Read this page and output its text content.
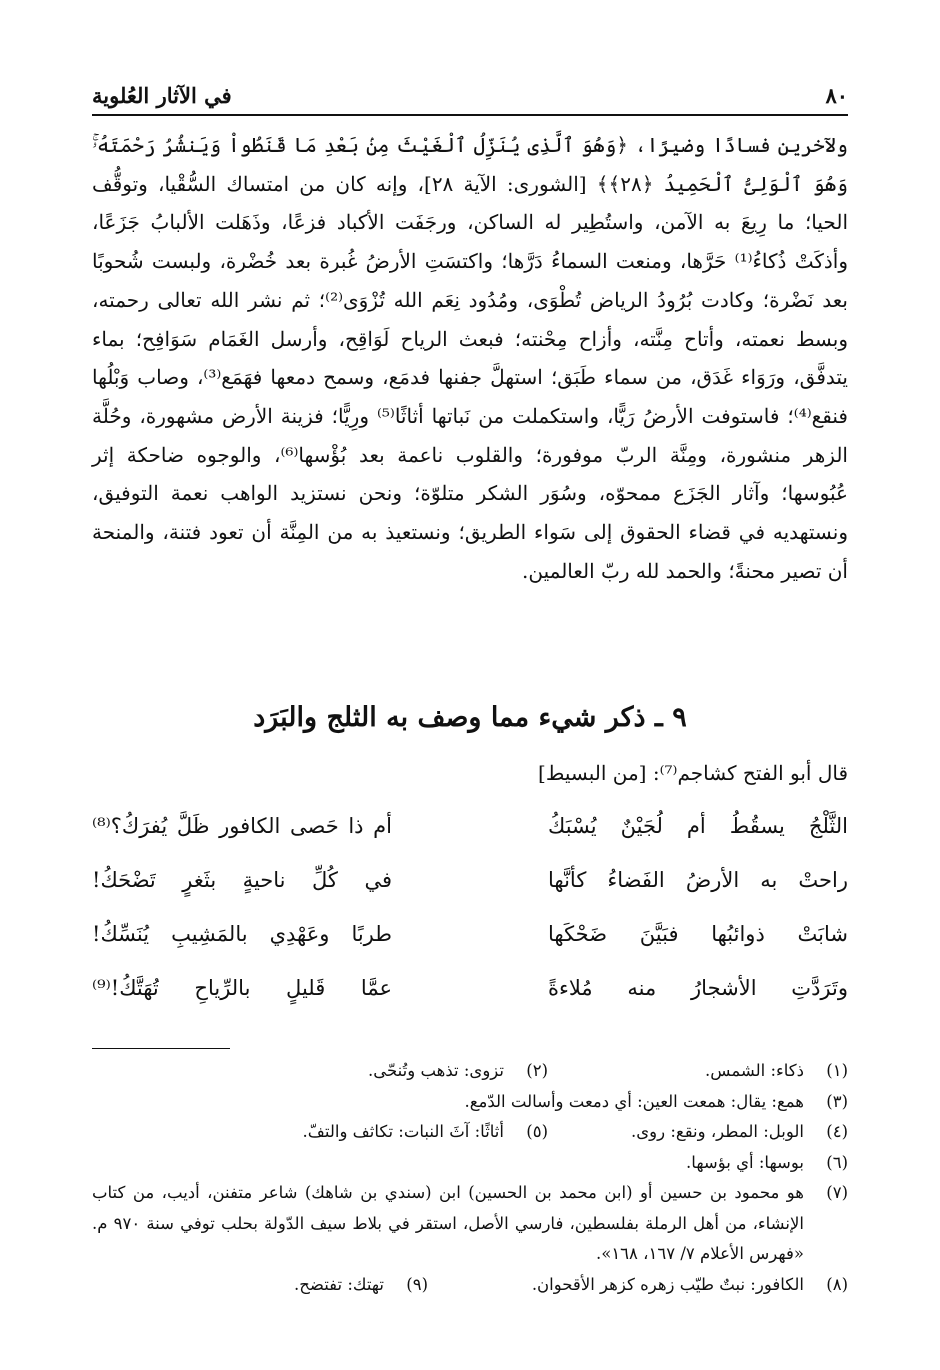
٨٠
في الآثار العُلوية

ولآخرين فسادًا وضيرًا، ﴿وَهُوَ ٱلَّذِى يُنَزِّلُ ٱلْغَيْثَ مِنۢ بَعْدِ مَا قَنَطُواْ وَيَنشُرُ رَحْمَتَهُۥۚ وَهُوَ ٱلْوَلِىُّ ٱلْحَمِيدُ ﴿٢٨﴾﴾ [الشورى: الآية ٢٨]، وإنه كان من امتساك السُّقْيا، وتوقُّف الحيا؛ ما رِيعَ به الآمن، واستُطِير له الساكن، ورجَفَت الأكباد فزعًا، وذَهَلت الألبابُ جَزَعًا، وأذكَتْ ذُكاءُ⁽¹⁾ حَرَّها، ومنعت السماءُ دَرَّها؛ واكتسَتِ الأرضُ غُبرة بعد خُضْرة، ولبست شُحوبًا بعد نَضْرة؛ وكادت بُرُودُ الرياض تُطْوَى، ومُدُود نِعَم الله تُزْوَى⁽²⁾؛ ثم نشر الله تعالى رحمته، وبسط نعمته، وأتاح مِنَّته، وأزاح مِحْنته؛ فبعث الرياح لَوَاقِح، وأرسل الغَمَام سَوَافِح؛ بماء يتدفَّق، ورَوَاء غَدَق، من سماء طَبَق؛ استهلَّ جفنها فدمَع، وسمح دمعها فهَمَع⁽³⁾، وصاب وَبْلُها فنقع⁽⁴⁾؛ فاستوفت الأرضُ رَيًّا، واستكملت من نَباتها أثاثًا⁽⁵⁾ ورِيًّا؛ فزينة الأرض مشهورة، وحُلَّة الزهر منشورة، ومِنَّة الربّ موفورة؛ والقلوب ناعمة بعد بُؤْسها⁽⁶⁾، والوجوه ضاحكة إثر عُبُوسها؛ وآثار الجَزَع ممحوّه، وسُوَر الشكر متلوّة؛ ونحن نستزيد الواهب نعمة التوفيق، ونستهديه في قضاء الحقوق إلى سَواء الطريق؛ ونستعيذ به من المِنَّة أن تعود فتنة، والمنحة أن تصير محنةً؛ والحمد لله ربّ العالمين.

٩ ـ ذكر شيء مما وصف به الثلج والبَرَد
قال أبو الفتح كشاجم⁽⁷⁾: [من البسيط]
الثَّلْجُ يسقُطُ أم لُجَيْنٌ يُسْبَكُ
أم ذا حَصى الكافور ظَلَّ يُفرَكُ؟⁽⁸⁾
راحتْ به الأرضُ الفَضاءُ كأنَّها
في كُلِّ ناحيةٍ بثَغرٍ تَضْحَكُ!
شابَتْ ذوائبُها فبَيَّنَ ضَحْكَها
طربًا وعَهْدِي بالمَشِيبِ يُنَسِّكُ!
وتَرَدَّتِ الأشجارُ منه مُلاءةً
عمَّا قَليلٍ بالرِّياحِ تُهَتَّكُ!⁽⁹⁾
(١)
ذكاء: الشمس.
(٢)
تزوى: تذهب وتُنحّى.
(٣)
همع: يقال: همعت العين: أي دمعت وأسالت الدّمع.
(٤)
الوبل: المطر، ونقع: روى.
(٥)
أثاثًا: آثَ النبات: تكاثف والتفّ.
(٦)
بوسها: أي بؤسها.
(٧)
هو محمود بن حسين أو (ابن محمد بن الحسين) ابن (سندي بن شاهك) شاعر متفنن، أديب، من كتاب الإنشاء، من أهل الرملة بفلسطين، فارسي الأصل، استقر في بلاط سيف الدّولة بحلب توفي سنة ٩٧٠ م. «فهرس الأعلام ٧/ ١٦٧، ١٦٨».
(٨)
الكافور: نبتٌ طيّب زهره كزهر الأقحوان.
(٩)
تهتك: تفتضح.
